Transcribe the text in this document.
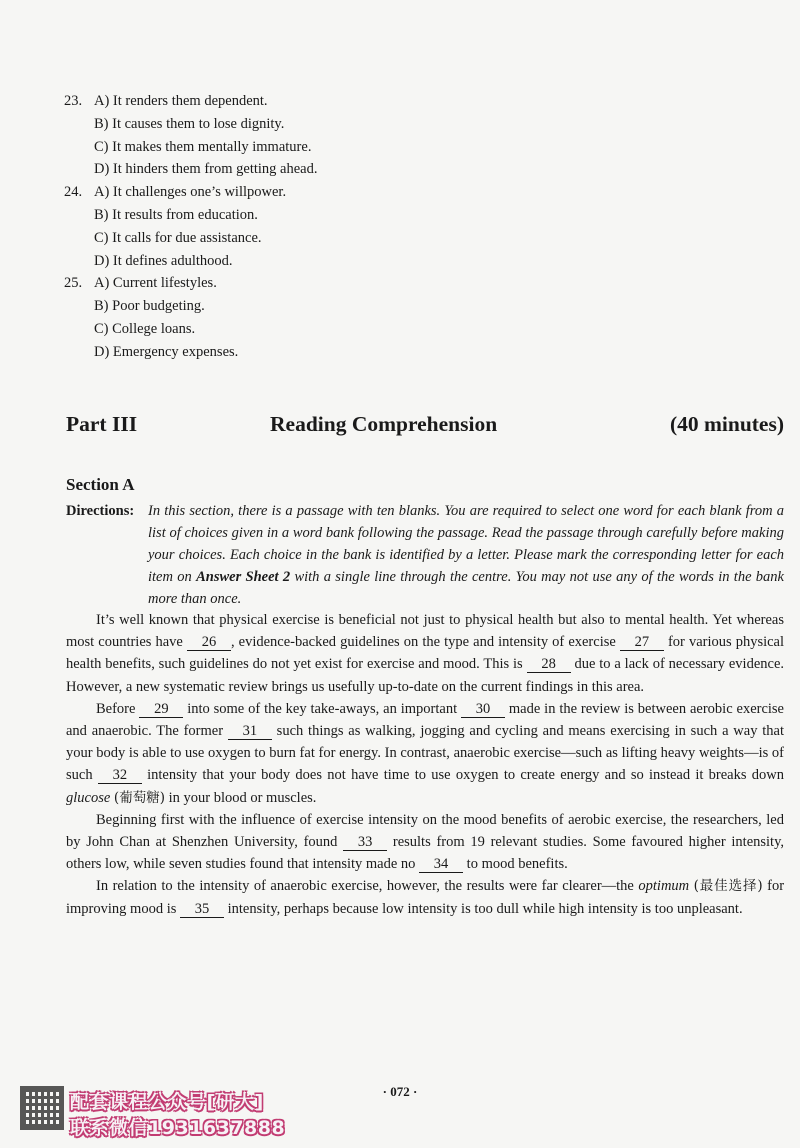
23. A) It renders them dependent.
B) It causes them to lose dignity.
C) It makes them mentally immature.
D) It hinders them from getting ahead.
24. A) It challenges one’s willpower.
B) It results from education.
C) It calls for due assistance.
D) It defines adulthood.
25. A) Current lifestyles.
B) Poor budgeting.
C) College loans.
D) Emergency expenses.
Part III	Reading Comprehension	(40 minutes)
Section A
Directions: In this section, there is a passage with ten blanks. You are required to select one word for each blank from a list of choices given in a word bank following the passage. Read the passage through carefully before making your choices. Each choice in the bank is identified by a letter. Please mark the corresponding letter for each item on Answer Sheet 2 with a single line through the centre. You may not use any of the words in the bank more than once.

It’s well known that physical exercise is beneficial not just to physical health but also to mental health. Yet whereas most countries have 26 , evidence-backed guidelines on the type and intensity of exercise 27 for various physical health benefits, such guidelines do not yet exist for exercise and mood. This is 28 due to a lack of necessary evidence. However, a new systematic review brings us usefully up-to-date on the current findings in this area.

Before 29 into some of the key take-aways, an important 30 made in the review is between aerobic exercise and anaerobic. The former 31 such things as walking, jogging and cycling and means exercising in such a way that your body is able to use oxygen to burn fat for energy. In contrast, anaerobic exercise—such as lifting heavy weights—is of such 32 intensity that your body does not have time to use oxygen to create energy and so instead it breaks down glucose (葡萄糖) in your blood or muscles.

Beginning first with the influence of exercise intensity on the mood benefits of aerobic exercise, the researchers, led by John Chan at Shenzhen University, found 33 results from 19 relevant studies. Some favoured higher intensity, others low, while seven studies found that intensity made no 34 to mood benefits.

In relation to the intensity of anaerobic exercise, however, the results were far clearer—the optimum (最佳选择) for improving mood is 35 intensity, perhaps because low intensity is too dull while high intensity is too unpleasant.

· 072 ·
配套课程公众号[研大]
联系微信1931637888
